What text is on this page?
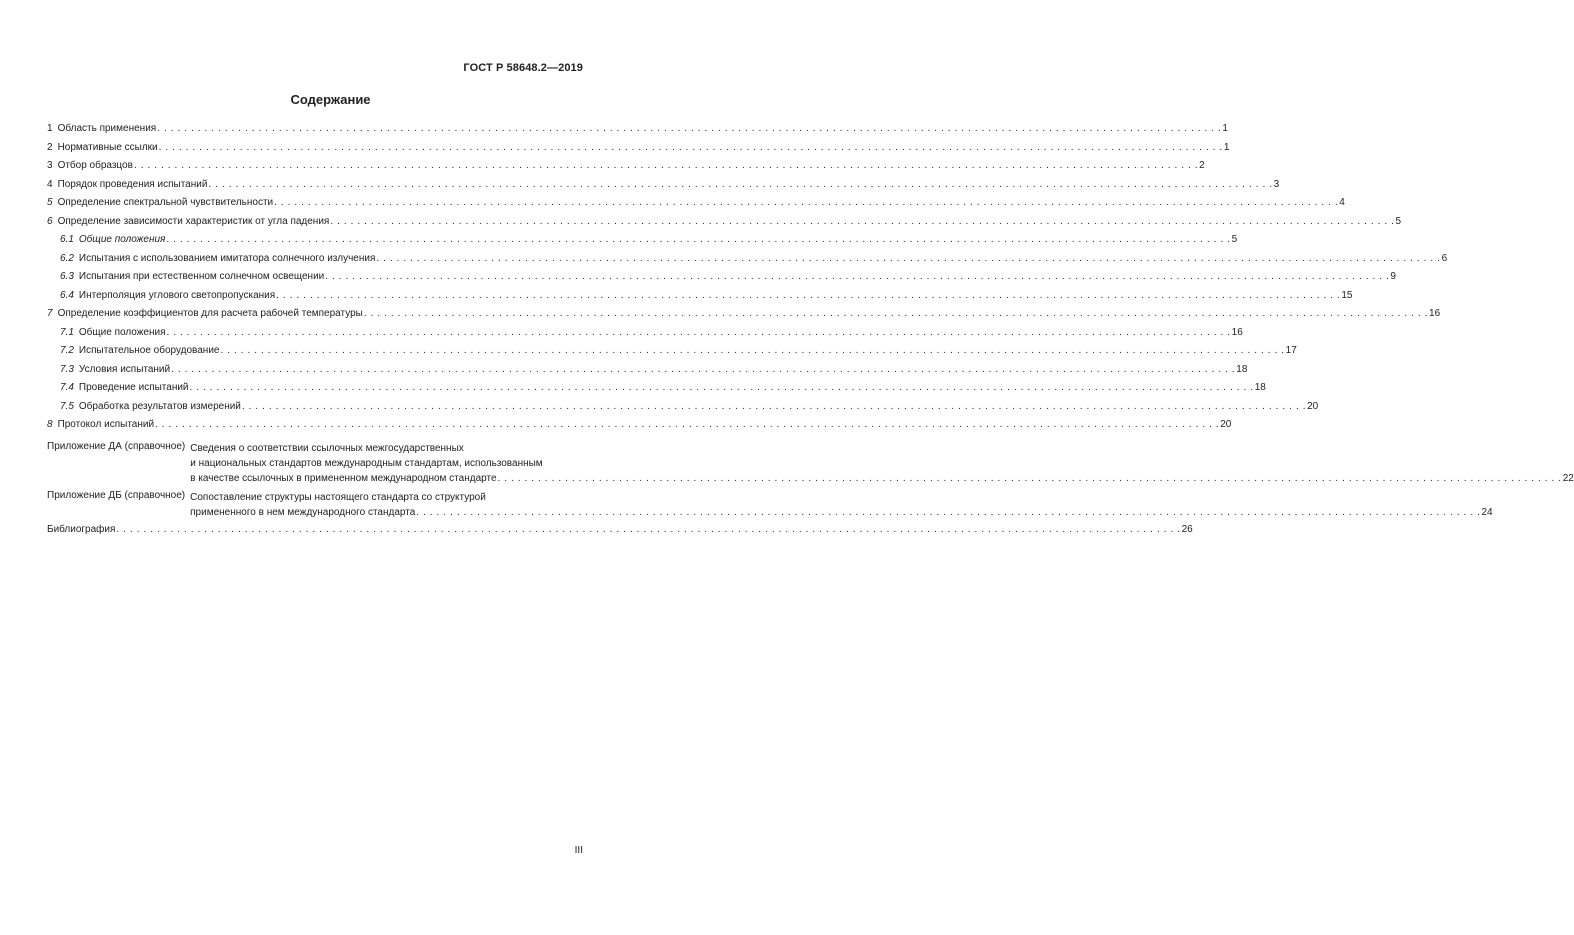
ГОСТ Р 58648.2—2019
Содержание
1 Область применения . . .	1
2 Нормативные ссылки . . .	1
3 Отбор образцов . . .	2
4 Порядок проведения испытаний . . .	3
5 Определение спектральной чувствительности . . .	4
6 Определение зависимости характеристик от угла падения . . .	5
6.1 Общие положения . . .	5
6.2 Испытания с использованием имитатора солнечного излучения . . .	6
6.3 Испытания при естественном солнечном освещении . . .	9
6.4 Интерполяция углового светопропускания . . .	15
7 Определение коэффициентов для расчета рабочей температуры . . .	16
7.1 Общие положения . . .	16
7.2 Испытательное оборудование . . .	17
7.3 Условия испытаний . . .	18
7.4 Проведение испытаний . . .	18
7.5 Обработка результатов измерений . . .	20
8 Протокол испытаний . . .	20
Приложение ДА (справочное) Сведения о соответствии ссылочных межгосударственных
и национальных стандартов международным стандартам, использованным
в качестве ссылочных в примененном международном стандарте . . .	22
Приложение ДБ (справочное) Сопоставление структуры настоящего стандарта со структурой
примененного в нем международного стандарта . . .	24
Библиография . . .	26
III
